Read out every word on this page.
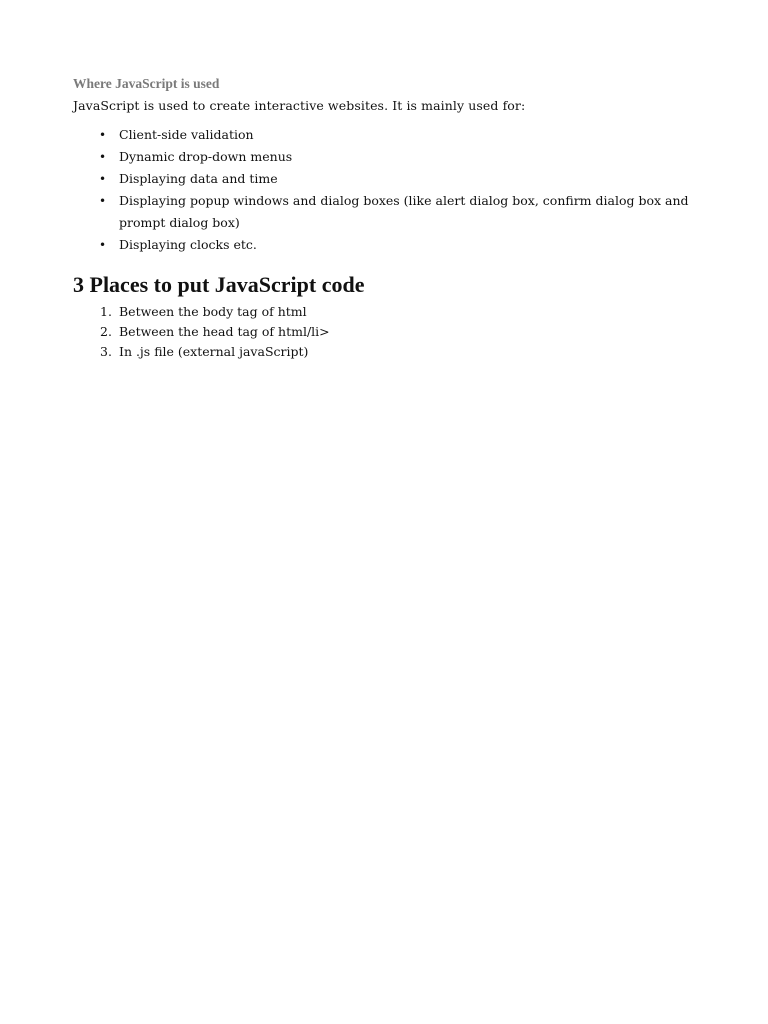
Where JavaScript is used

JavaScript is used to create interactive websites. It is mainly used for:

• Client-side validation
• Dynamic drop-down menus
• Displaying data and time
• Displaying popup windows and dialog boxes (like alert dialog box, confirm dialog box and prompt dialog box)
• Displaying clocks etc.
3 Places to put JavaScript code
1. Between the body tag of html
2. Between the head tag of html/li>
3. In .js file (external javaScript)
